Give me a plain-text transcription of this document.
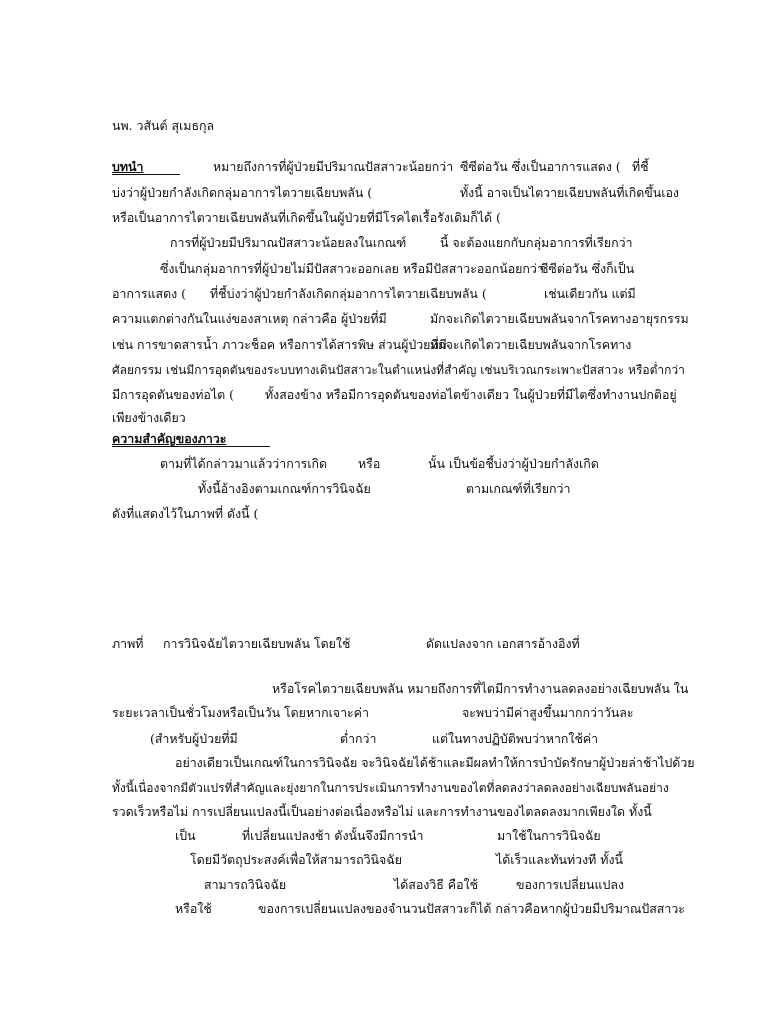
นพ. วสันต์ สุเมธกุล
บทนำ	หมายถึงการที่ผู้ป่วยมีปริมาณปัสสาวะน้อยกว่า ซีซีต่อวัน ซึ่งเป็นอาการแสดง ( ที่ชี้
บ่งว่าผู้ป่วยกำลังเกิดกลุ่มอาการไตวายเฉียบพลัน (	ทั้งนี้ อาจเป็นไตวายเฉียบพลันที่เกิดขึ้นเอง
หรือเป็นอาการไตวายเฉียบพลันที่เกิดขึ้นในผู้ป่วยที่มีโรคไตเรื้อรังเดิมก็ได้ (
การที่ผู้ป่วยมีปริมาณปัสสาวะน้อยลงในเกณฑ์	นี้ จะต้องแยกกับกลุ่มอาการที่เรียกว่า
ซึ่งเป็นกลุ่มอาการที่ผู้ป่วยไม่มีปัสสาวะออกเลย หรือมีปัสสาวะออกน้อยกว่า
ซีซีต่อวัน ซึ่งก็เป็น
อาการแสดง ( ที่ชี้บ่งว่าผู้ป่วยกำลังเกิดกลุ่มอาการไตวายเฉียบพลัน (	เช่นเดียวกัน แต่มี
ความแตกต่างกันในแง่ของสาเหตุ กล่าวคือ ผู้ป่วยที่มี	มักจะเกิดไตวายเฉียบพลันจากโรคทางอายุรกรรม
เช่น การขาดสารน้ำ ภาวะช็อค หรือการได้สารพิษ ส่วนผู้ป่วยที่มี
มักจะเกิดไตวายเฉียบพลันจากโรคทาง
ศัลยกรรม เช่นมีการอุดตันของระบบทางเดินปัสสาวะในตำแหน่งที่สำคัญ เช่นบริเวณกระเพาะปัสสาวะ หรือต่ำกว่า
มีการอุดตันของท่อไต (	ทั้งสองข้าง หรือมีการอุดตันของท่อไตข้างเดียว ในผู้ป่วยที่มีไตซึ่งทำงานปกติอยู่
เพียงข้างเดียว
ความสำคัญของภาวะ
ตามที่ได้กล่าวมาแล้วว่าการเกิด หรือ	นั้น เป็นข้อชี้บ่งว่าผู้ป่วยกำลังเกิด
ทั้งนี้อ้างอิงตามเกณฑ์การวินิจฉัย	ตามเกณฑ์ที่เรียกว่า
ดังที่แสดงไว้ในภาพที่ ดังนี้ (
ภาพที่ การวินิจฉัยไตวายเฉียบพลัน โดยใช้	ดัดแปลงจาก เอกสารอ้างอิงที่
หรือโรคไตวายเฉียบพลัน หมายถึงการที่ไตมีการทำงานลดลงอย่างเฉียบพลัน ใน
ระยะเวลาเป็นชั่วโมงหรือเป็นวัน โดยหากเจาะค่า	จะพบว่ามีค่าสูงขึ้นมากกว่าวันละ
(สำหรับผู้ป่วยที่มี	ต่ำกว่า	แต่ในทางปฏิบัติพบว่าหากใช้ค่า
อย่างเดียวเป็นเกณฑ์ในการวินิจฉัย จะวินิจฉัยได้ช้าและมีผลทำให้การบำบัดรักษาผู้ป่วยล่าช้าไปด้วย
ทั้งนี้เนื่องจากมีตัวแปรที่สำคัญและยุ่งยากในการประเมินการทำงานของไตที่ลดลงว่าลดลงอย่างเฉียบพลันอย่าง
รวดเร็วหรือไม่ การเปลี่ยนแปลงนี้เป็นอย่างต่อเนื่องหรือไม่ และการทำงานของไตลดลงมากเพียงใด ทั้งนี้
เป็น	ที่เปลี่ยนแปลงช้า ดังนั้นจึงมีการนำ	มาใช้ในการวินิจฉัย
โดยมีวัตถุประสงค์เพื่อให้สามารถวินิจฉัย	ได้เร็วและทันท่วงที ทั้งนี้
สามารถวินิจฉัย	ได้สองวิธี คือใช้	ของการเปลี่ยนแปลง
หรือใช้	ของการเปลี่ยนแปลงของจำนวนปัสสาวะก็ได้ กล่าวคือหากผู้ป่วยมีปริมาณปัสสาวะ
